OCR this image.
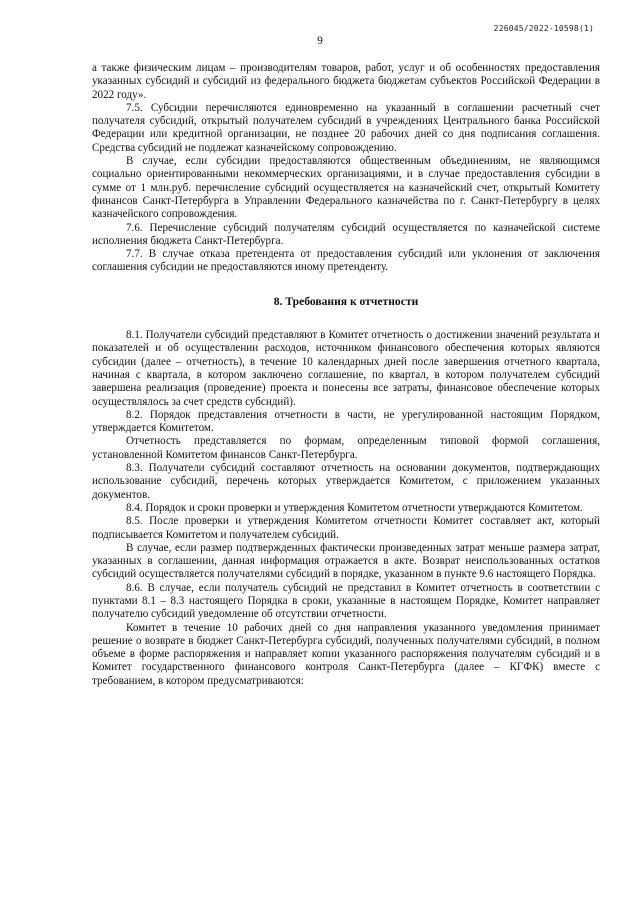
226045/2022-10598(1)
9

а также физическим лицам – производителям товаров, работ, услуг и об особенностях предоставления указанных субсидий и субсидий из федерального бюджета бюджетам субъектов Российской Федерации в 2022 году».

7.5. Субсидии перечисляются единовременно на указанный в соглашении расчетный счет получателя субсидий, открытый получателем субсидий в учреждениях Центрального банка Российской Федерации или кредитной организации, не позднее 20 рабочих дней со дня подписания соглашения. Средства субсидий не подлежат казначейскому сопровождению.

В случае, если субсидии предоставляются общественным объединениям, не являющимся социально ориентированными некоммерческих организациями, и в случае предоставления субсидии в сумме от 1 млн.руб. перечисление субсидий осуществляется на казначейский счет, открытый Комитету финансов Санкт-Петербурга в Управлении Федерального казначейства по г. Санкт-Петербургу в целях казначейского сопровождения.

7.6. Перечисление субсидий получателям субсидий осуществляется по казначейской системе исполнения бюджета Санкт-Петербурга.

7.7. В случае отказа претендента от предоставления субсидий или уклонения от заключения соглашения субсидии не предоставляются иному претенденту.

8. Требования к отчетности

8.1. Получатели субсидий представляют в Комитет отчетность о достижении значений результата и показателей и об осуществлении расходов, источником финансового обеспечения которых являются субсидии (далее – отчетность), в течение 10 календарных дней после завершения отчетного квартала, начиная с квартала, в котором заключено соглашение, по квартал, в котором получателем субсидий завершена реализация (проведение) проекта и понесены все затраты, финансовое обеспечение которых осуществлялось за счет средств субсидий).

8.2. Порядок представления отчетности в части, не урегулированной настоящим Порядком, утверждается Комитетом.

Отчетность представляется по формам, определенным типовой формой соглашения, установленной Комитетом финансов Санкт-Петербурга.

8.3. Получатели субсидий составляют отчетность на основании документов, подтверждающих использование субсидий, перечень которых утверждается Комитетом, с приложением указанных документов.

8.4. Порядок и сроки проверки и утверждения Комитетом отчетности утверждаются Комитетом.

8.5. После проверки и утверждения Комитетом отчетности Комитет составляет акт, который подписывается Комитетом и получателем субсидий.

В случае, если размер подтвержденных фактически произведенных затрат меньше размера затрат, указанных в соглашении, данная информация отражается в акте. Возврат неиспользованных остатков субсидий осуществляется получателями субсидий в порядке, указанном в пункте 9.6 настоящего Порядка.

8.6. В случае, если получатель субсидий не представил в Комитет отчетность в соответствии с пунктами 8.1 – 8.3 настоящего Порядка в сроки, указанные в настоящем Порядке, Комитет направляет получателю субсидий уведомление об отсутствии отчетности.

Комитет в течение 10 рабочих дней со дня направления указанного уведомления принимает решение о возврате в бюджет Санкт-Петербурга субсидий, полученных получателями субсидий, в полном объеме в форме распоряжения и направляет копии указанного распоряжения получателям субсидий и в Комитет государственного финансового контроля Санкт-Петербурга (далее – КГФК) вместе с требованием, в котором предусматриваются:
